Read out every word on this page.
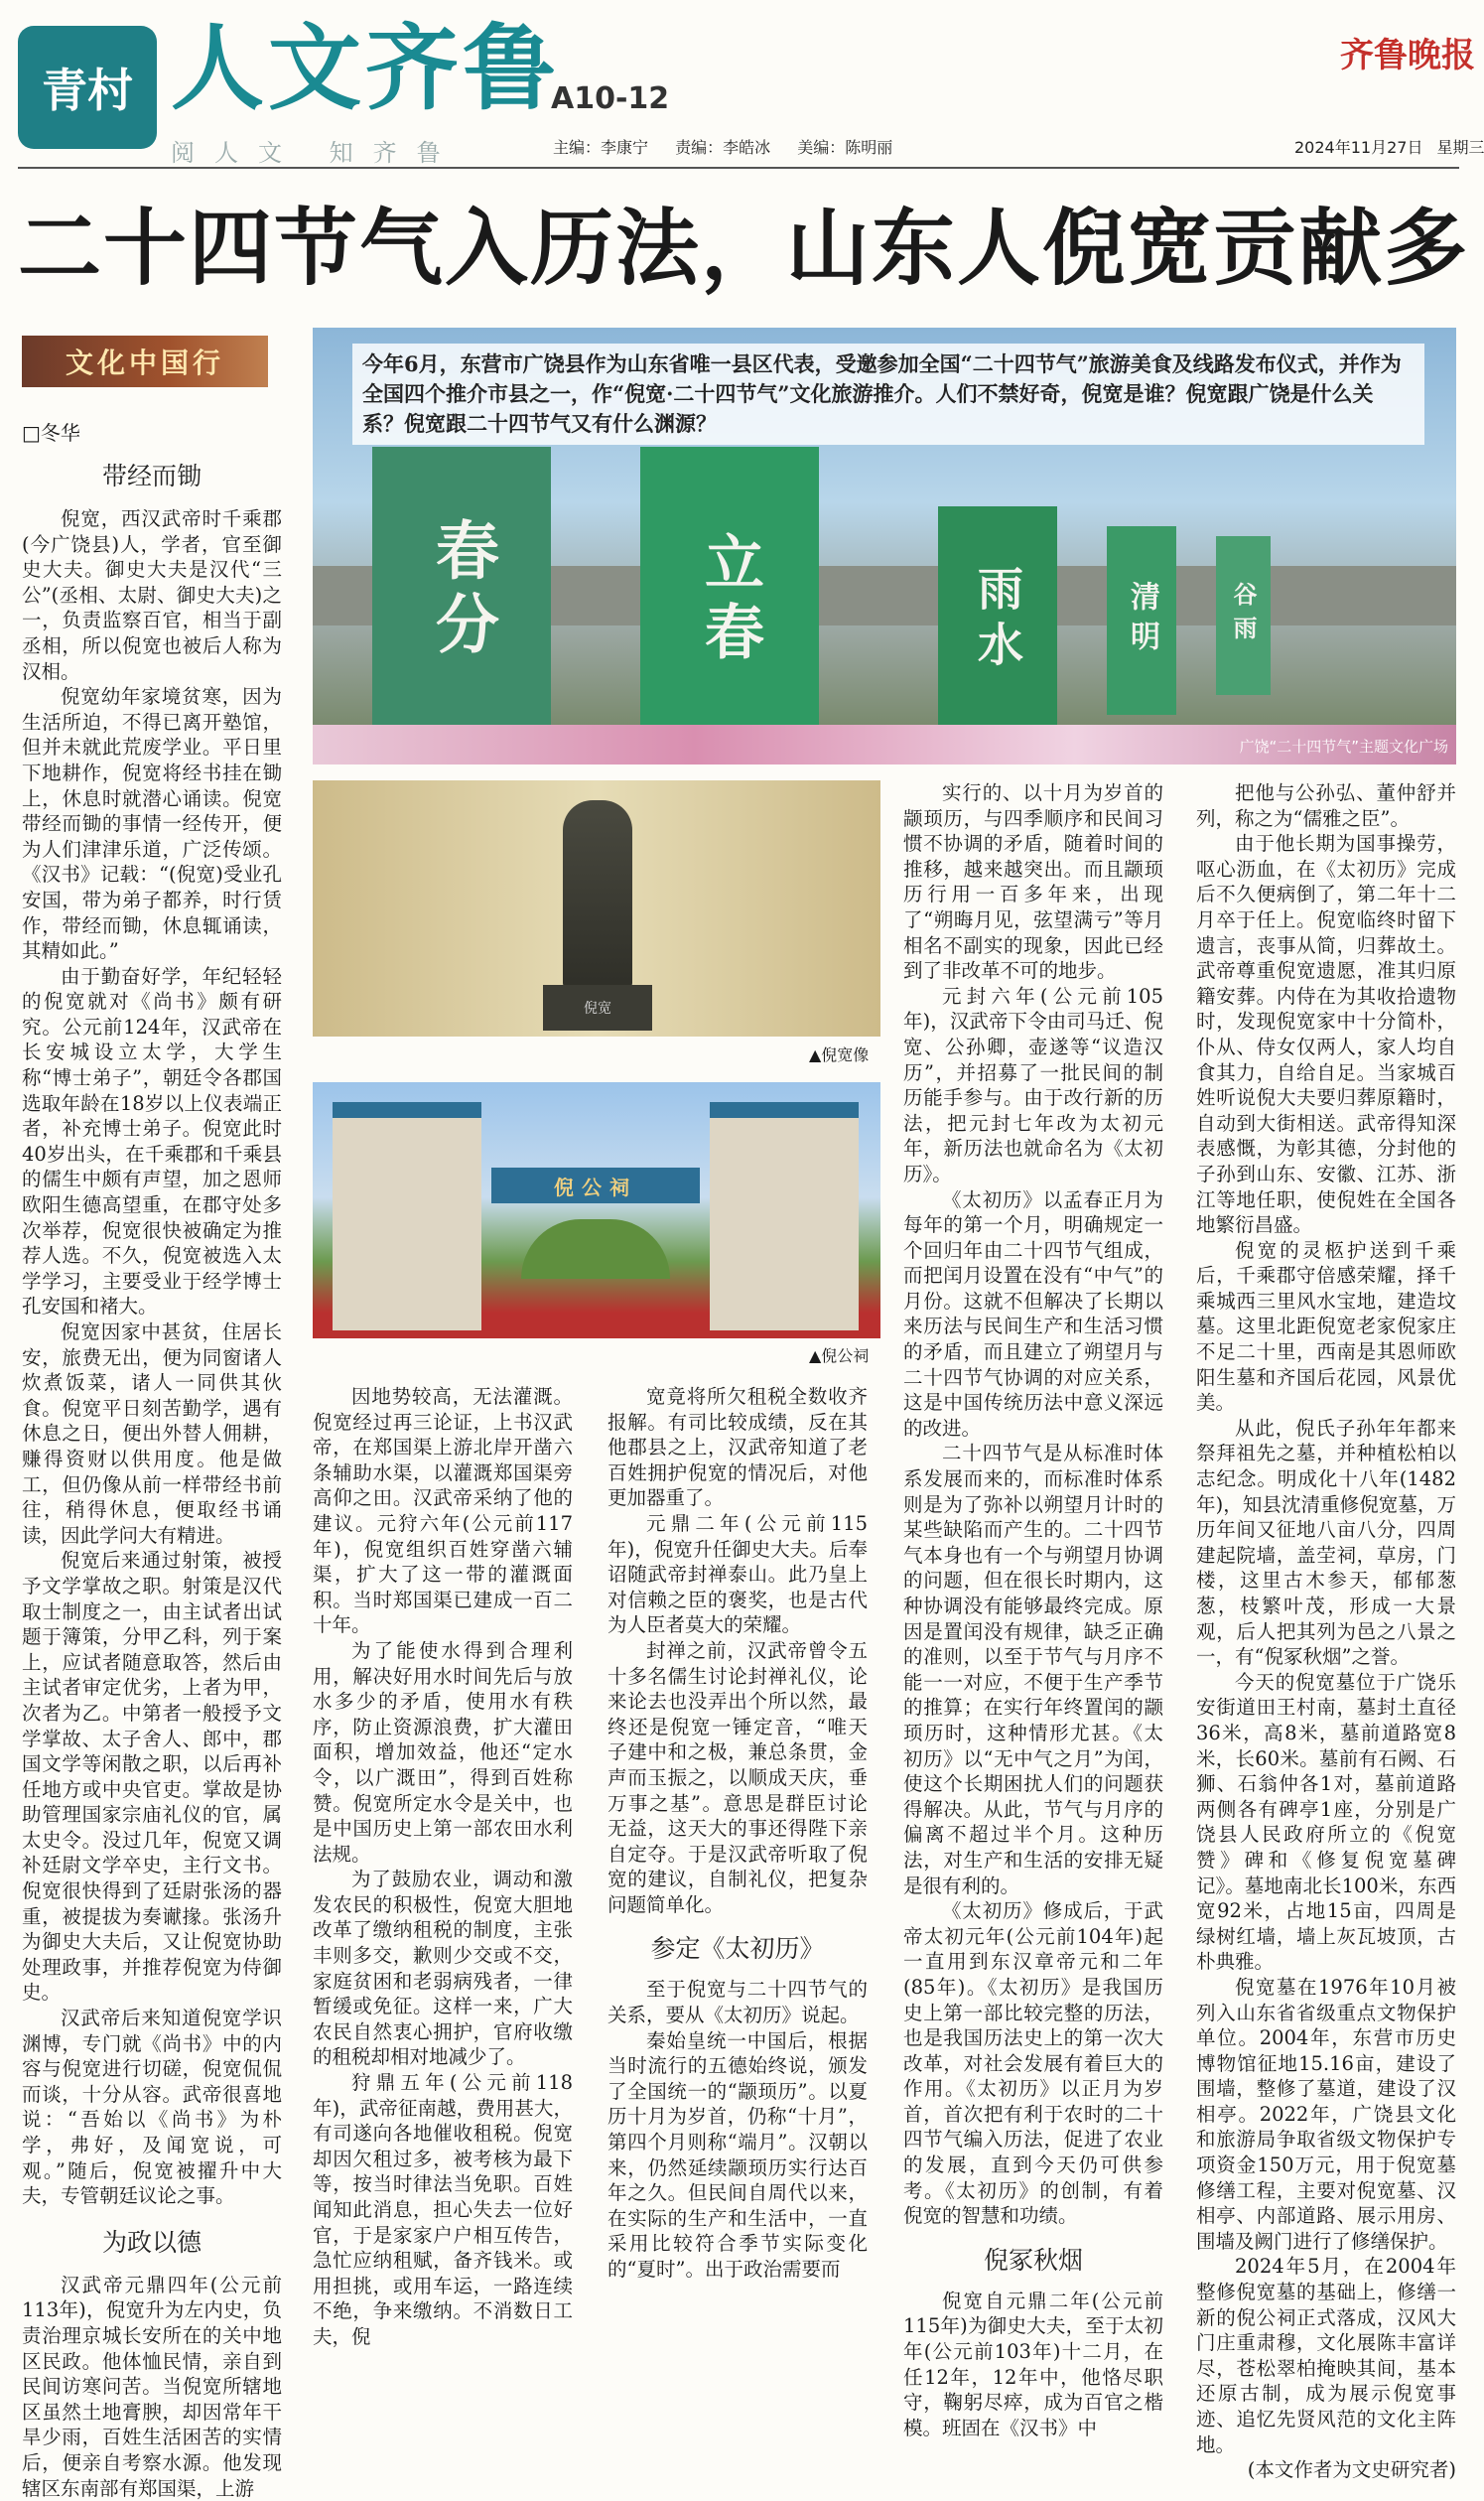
青村 人文齐鲁
A10-12
阅人文 知齐鲁	主编：李康宁 责编：李皓冰 美编：陈明丽
齐鲁晚报
2024年11月27日 星期三
二十四节气入历法，山东人倪宽贡献多
文化中国行
□冬华
春分	立春	雨水	清明	谷雨
广饶“二十四节气”主题文化广场
今年6月，东营市广饶县作为山东省唯一县区代表，受邀参加全国“二十四节气”旅游美食及线路发布仪式，并作为全国四个推介市县之一，作“倪宽·二十四节气”文化旅游推介。人们不禁好奇，倪宽是谁？倪宽跟广饶是什么关系？倪宽跟二十四节气又有什么渊源？
倪宽
▲倪宽像
倪公祠
▲倪公祠
带经而锄

倪宽，西汉武帝时千乘郡(今广饶县)人，学者，官至御史大夫。御史大夫是汉代“三公”(丞相、太尉、御史大夫)之一，负责监察百官，相当于副丞相，所以倪宽也被后人称为汉相。

倪宽幼年家境贫寒，因为生活所迫，不得已离开塾馆，但并未就此荒废学业。平日里下地耕作，倪宽将经书挂在锄上，休息时就潜心诵读。倪宽带经而锄的事情一经传开，便为人们津津乐道，广泛传颂。《汉书》记载：“(倪宽)受业孔安国，带为弟子都养，时行赁作，带经而锄，休息辄诵读，其精如此。”

由于勤奋好学，年纪轻轻的倪宽就对《尚书》颇有研究。公元前124年，汉武帝在长安城设立太学，大学生称“博士弟子”，朝廷令各郡国选取年龄在18岁以上仪表端正者，补充博士弟子。倪宽此时40岁出头，在千乘郡和千乘县的儒生中颇有声望，加之恩师欧阳生德高望重，在郡守处多次举荐，倪宽很快被确定为推荐人选。不久，倪宽被选入太学学习，主要受业于经学博士孔安国和褚大。

倪宽因家中甚贫，住居长安，旅费无出，便为同窗诸人炊煮饭菜，诸人一同供其伙食。倪宽平日刻苦勤学，遇有休息之日，便出外替人佣耕，赚得资财以供用度。他是做工，但仍像从前一样带经书前往，稍得休息，便取经书诵读，因此学问大有精进。

倪宽后来通过射策，被授予文学掌故之职。射策是汉代取士制度之一，由主试者出试题于簿策，分甲乙科，列于案上，应试者随意取答，然后由主试者审定优劣，上者为甲，次者为乙。中第者一般授予文学掌故、太子舍人、郎中，郡国文学等闲散之职，以后再补任地方或中央官吏。掌故是协助管理国家宗庙礼仪的官，属太史令。没过几年，倪宽又调补廷尉文学卒史，主行文书。倪宽很快得到了廷尉张汤的器重，被提拔为奏谳掾。张汤升为御史大夫后，又让倪宽协助处理政事，并推荐倪宽为侍御史。

汉武帝后来知道倪宽学识渊博，专门就《尚书》中的内容与倪宽进行切磋，倪宽侃侃而谈，十分从容。武帝很喜地说：“吾始以《尚书》为朴学，弗好，及闻宽说，可观。”随后，倪宽被擢升中大夫，专管朝廷议论之事。

为政以德

汉武帝元鼎四年(公元前113年)，倪宽升为左内史，负责治理京城长安所在的关中地区民政。他体恤民情，亲自到民间访寒问苦。当倪宽所辖地区虽然土地膏腴，却因常年干旱少雨，百姓生活困苦的实情后，便亲自考察水源。他发现辖区东南部有郑国渠，上游

因地势较高，无法灌溉。倪宽经过再三论证，上书汉武帝，在郑国渠上游北岸开凿六条辅助水渠，以灌溉郑国渠旁高仰之田。汉武帝采纳了他的建议。元狩六年(公元前117年)，倪宽组织百姓穿凿六辅渠，扩大了这一带的灌溉面积。当时郑国渠已建成一百二十年。

为了能使水得到合理利用，解决好用水时间先后与放水多少的矛盾，使用水有秩序，防止资源浪费，扩大灌田面积，增加效益，他还“定水令，以广溉田”，得到百姓称赞。倪宽所定水令是关中，也是中国历史上第一部农田水利法规。

为了鼓励农业，调动和激发农民的积极性，倪宽大胆地改革了缴纳租税的制度，主张丰则多交，歉则少交或不交，家庭贫困和老弱病残者，一律暂缓或免征。这样一来，广大农民自然衷心拥护，官府收缴的租税却相对地减少了。

狩鼎五年(公元前118年)，武帝征南越，费用甚大，有司遂向各地催收租税。倪宽却因欠租过多，被考核为最下等，按当时律法当免职。百姓闻知此消息，担心失去一位好官，于是家家户户相互传告，急忙应纳租赋，备齐钱米。或用担挑，或用车运，一路连续不绝，争来缴纳。不消数日工夫，倪

宽竟将所欠租税全数收齐报解。有司比较成绩，反在其他郡县之上，汉武帝知道了老百姓拥护倪宽的情况后，对他更加器重了。

元鼎二年(公元前115年)，倪宽升任御史大夫。后奉诏随武帝封禅泰山。此乃皇上对信赖之臣的褒奖，也是古代为人臣者莫大的荣耀。

封禅之前，汉武帝曾令五十多名儒生讨论封禅礼仪，论来论去也没弄出个所以然，最终还是倪宽一锤定音，“唯天子建中和之极，兼总条贯，金声而玉振之，以顺成天庆，垂万事之基”。意思是群臣讨论无益，这天大的事还得陛下亲自定夺。于是汉武帝听取了倪宽的建议，自制礼仪，把复杂问题简单化。

参定《太初历》

至于倪宽与二十四节气的关系，要从《太初历》说起。

秦始皇统一中国后，根据当时流行的五德始终说，颁发了全国统一的“颛顼历”。以夏历十月为岁首，仍称“十月”，第四个月则称“端月”。汉朝以来，仍然延续颛顼历实行达百年之久。但民间自周代以来，在实际的生产和生活中，一直采用比较符合季节实际变化的“夏时”。出于政治需要而

实行的、以十月为岁首的颛顼历，与四季顺序和民间习惯不协调的矛盾，随着时间的推移，越来越突出。而且颛顼历行用一百多年来，出现了“朔晦月见，弦望满亏”等月相名不副实的现象，因此已经到了非改革不可的地步。

元封六年(公元前105年)，汉武帝下令由司马迁、倪宽、公孙卿，壶遂等“议造汉历”，并招募了一批民间的制历能手参与。由于改行新的历法，把元封七年改为太初元年，新历法也就命名为《太初历》。

《太初历》以孟春正月为每年的第一个月，明确规定一个回归年由二十四节气组成，而把闰月设置在没有“中气”的月份。这就不但解决了长期以来历法与民间生产和生活习惯的矛盾，而且建立了朔望月与二十四节气协调的对应关系，这是中国传统历法中意义深远的改进。

二十四节气是从标准时体系发展而来的，而标准时体系则是为了弥补以朔望月计时的某些缺陷而产生的。二十四节气本身也有一个与朔望月协调的问题，但在很长时期内，这种协调没有能够最终完成。原因是置闰没有规律，缺乏正确的准则，以至于节气与月序不能一一对应，不便于生产季节的推算；在实行年终置闰的颛顼历时，这种情形尤甚。《太初历》以“无中气之月”为闰，使这个长期困扰人们的问题获得解决。从此，节气与月序的偏离不超过半个月。这种历法，对生产和生活的安排无疑是很有利的。

《太初历》修成后，于武帝太初元年(公元前104年)起一直用到东汉章帝元和二年(85年)。《太初历》是我国历史上第一部比较完整的历法，也是我国历法史上的第一次大改革，对社会发展有着巨大的作用。《太初历》以正月为岁首，首次把有利于农时的二十四节气编入历法，促进了农业的发展，直到今天仍可供参考。《太初历》的创制，有着倪宽的智慧和功绩。

倪冢秋烟

倪宽自元鼎二年(公元前115年)为御史大夫，至于太初年(公元前103年)十二月，在任12年，12年中，他恪尽职守，鞠躬尽瘁，成为百官之楷模。班固在《汉书》中

把他与公孙弘、董仲舒并列，称之为“儒雅之臣”。

由于他长期为国事操劳，呕心沥血，在《太初历》完成后不久便病倒了，第二年十二月卒于任上。倪宽临终时留下遗言，丧事从简，归葬故土。武帝尊重倪宽遗愿，准其归原籍安葬。内侍在为其收拾遗物时，发现倪宽家中十分简朴，仆从、侍女仅两人，家人均自食其力，自给自足。当家城百姓听说倪大夫要归葬原籍时，自动到大街相送。武帝得知深表感慨，为彰其德，分封他的子孙到山东、安徽、江苏、浙江等地任职，使倪姓在全国各地繁衍昌盛。

倪宽的灵柩护送到千乘后，千乘郡守倍感荣耀，择千乘城西三里风水宝地，建造坟墓。这里北距倪宽老家倪家庄不足二十里，西南是其恩师欧阳生墓和齐国后花园，风景优美。

从此，倪氏子孙年年都来祭拜祖先之墓，并种植松柏以志纪念。明成化十八年(1482年)，知县沈清重修倪宽墓，万历年间又征地八亩八分，四周建起院墙，盖茔祠，草房，门楼，这里古木参天，郁郁葱葱，枝繁叶茂，形成一大景观，后人把其列为邑之八景之一，有“倪冢秋烟”之誉。

今天的倪宽墓位于广饶乐安街道田王村南，墓封土直径36米，高8米，墓前道路宽8米，长60米。墓前有石阙、石狮、石翁仲各1对，墓前道路两侧各有碑亭1座，分别是广饶县人民政府所立的《倪宽赞》碑和《修复倪宽墓碑记》。墓地南北长100米，东西宽92米，占地15亩，四周是绿树红墙，墙上灰瓦坡顶，古朴典雅。

倪宽墓在1976年10月被列入山东省省级重点文物保护单位。2004年，东营市历史博物馆征地15.16亩，建设了围墙，整修了墓道，建设了汉相亭。2022年，广饶县文化和旅游局争取省级文物保护专项资金150万元，用于倪宽墓修缮工程，主要对倪宽墓、汉相亭、内部道路、展示用房、围墙及阙门进行了修缮保护。

2024年5月，在2004年整修倪宽墓的基础上，修缮一新的倪公祠正式落成，汉风大门庄重肃穆，文化展陈丰富详尽，苍松翠柏掩映其间，基本还原古制，成为展示倪宽事迹、追忆先贤风范的文化主阵地。

(本文作者为文史研究者)
